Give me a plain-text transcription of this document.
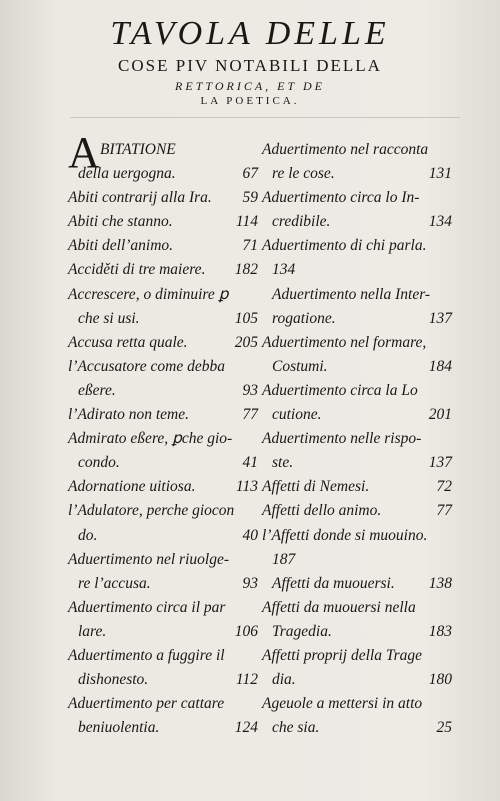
TAVOLA DELLE
COSE PIV NOTABILI DELLA
RETTORICA, ET DE
LA POETICA.
A BITATIONE
della uergogna.	67
Abiti contrarij alla Ira. 59
Abiti che stanno.	114
Abiti dell’animo.	71
Acciděti di tre maiere. 182
Accrescere, o diminuire ꝑ
che si usi.	105
Accusa retta quale.	205
l’Accusatore come debba
eßere.	93
l’Adirato non teme.	77
Admirato eßere, ꝑche gio-
condo.	41
Adornatione uitiosa.	113
l’Adulatore, perche giocon
do.	40
Aduertimento nel riuolge-
re l’accusa.	93
Aduertimento circa il par
lare.	106
Aduertimento a fuggire il
dishonesto.	112
Aduertimento per cattare
beniuolentia.	124
Aduertimento nel racconta
re le cose.	131
Aduertimento circa lo In-
credibile.	134
Aduertimento di chi parla.
134
Aduertimento nella Inter-
rogatione.	137
Aduertimento nel formare,
Costumi.	184
Aduertimento circa la Lo
cutione.	201
Aduertimento nelle rispo-
ste.	137
Affetti di Nemesi.	72
Affetti dello animo.	77
l’Affetti donde si muouino.
187
Affetti da muouersi. 138
Affetti da muouersi nella
Tragedia.	183
Affetti proprij della Trage
dia.	180
Ageuole a mettersi in atto
che sia.	25
